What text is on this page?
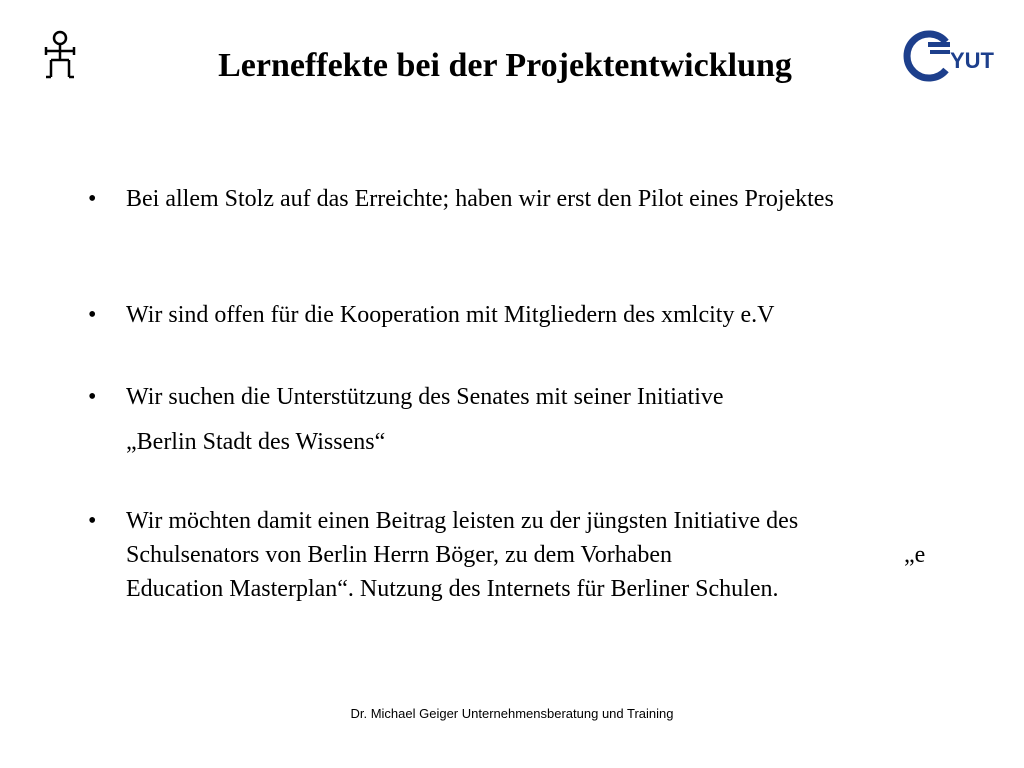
Lerneffekte bei der Projektentwicklung	YUT
•	Bei allem Stolz auf das Erreichte; haben wir erst den Pilot eines Projektes
•	Wir sind offen für die Kooperation mit Mitgliedern des xmlcity e.V
•	Wir suchen die Unterstützung des Senates mit seiner Initiative
„Berlin Stadt des Wissens“
•	Wir möchten damit einen Beitrag leisten zu der jüngsten Initiative des
Schulsenators von Berlin Herrn Böger, zu dem Vorhaben	„e
Education Masterplan“. Nutzung des Internets für Berliner Schulen.
Dr. Michael Geiger Unternehmensberatung und Training
